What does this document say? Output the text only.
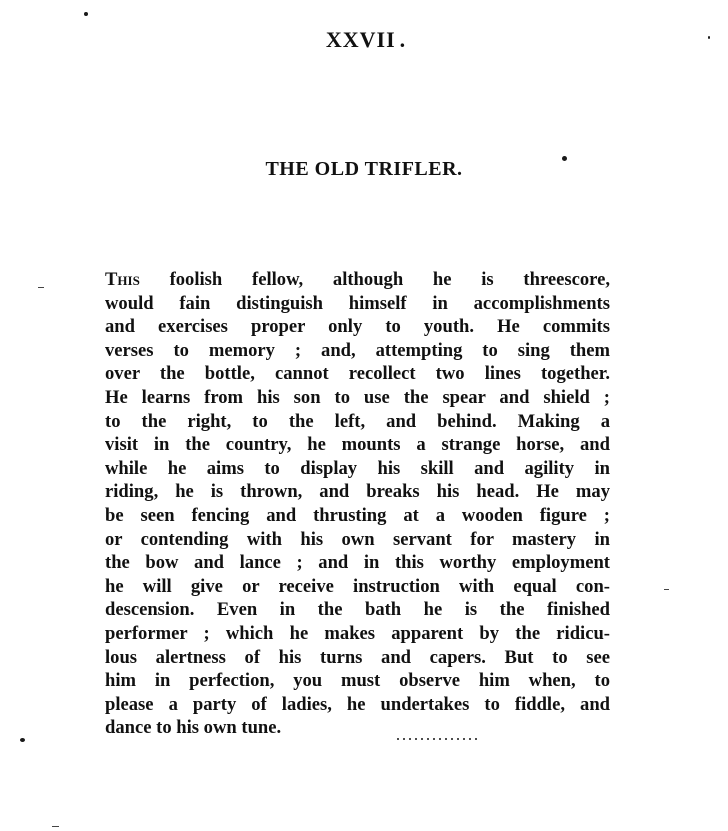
XXVII .
THE OLD TRIFLER.
This foolish fellow, although he is threescore,
would fain distinguish himself in accomplishments
and exercises proper only to youth. He commits
verses to memory ; and, attempting to sing them
over the bottle, cannot recollect two lines together.
He learns from his son to use the spear and shield ;
to the right, to the left, and behind. Making a
visit in the country, he mounts a strange horse, and
while he aims to display his skill and agility in
riding, he is thrown, and breaks his head. He may
be seen fencing and thrusting at a wooden figure ;
or contending with his own servant for mastery in
the bow and lance ; and in this worthy employment
he will give or receive instruction with equal con-
descension. Even in the bath he is the finished
performer ; which he makes apparent by the ridicu-
lous alertness of his turns and capers. But to see
him in perfection, you must observe him when, to
please a party of ladies, he undertakes to fiddle, and
dance to his own tune.
